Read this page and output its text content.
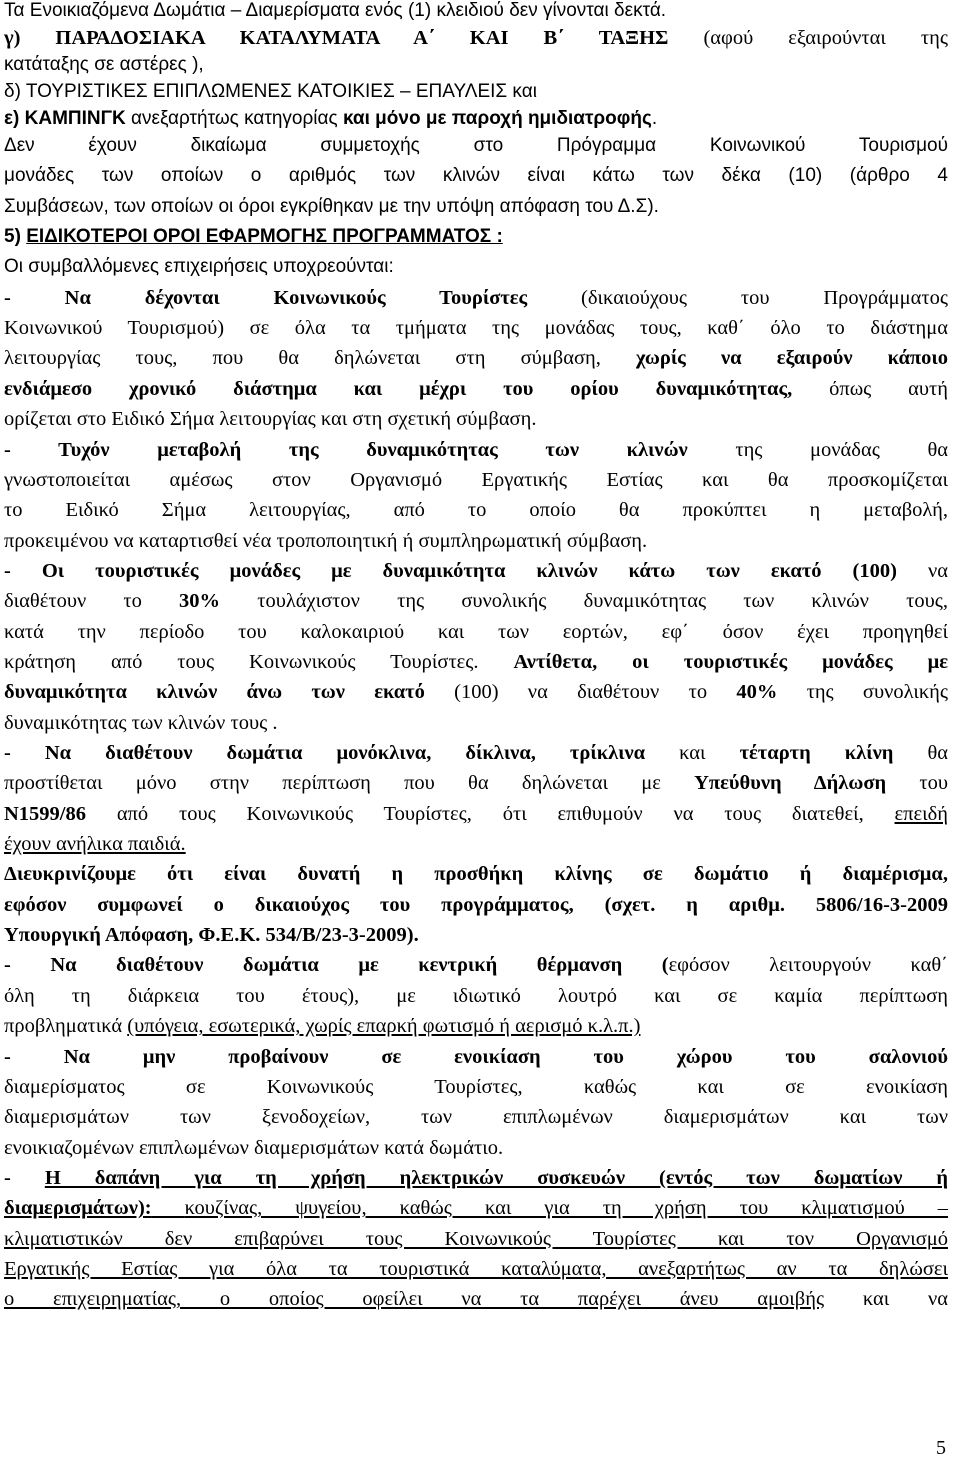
Τα Ενοικιαζόμενα Δωμάτια – Διαμερίσματα ενός (1) κλειδιού δεν γίνονται δεκτά.
γ) ΠΑΡΑΔΟΣΙΑΚΑ ΚΑΤΑΛΥΜΑΤΑ Α΄ ΚΑΙ Β΄ ΤΑΞΗΣ (αφού εξαιρούνται της
κατάταξης σε αστέρες ),
δ) ΤΟΥΡΙΣΤΙΚΕΣ ΕΠΙΠΛΩΜΕΝΕΣ ΚΑΤΟΙΚΙΕΣ – ΕΠΑΥΛΕΙΣ και
ε) ΚΑΜΠΙΝΓΚ ανεξαρτήτως κατηγορίας και μόνο με παροχή ημιδιατροφής.
Δεν έχουν δικαίωμα συμμετοχής στο Πρόγραμμα Κοινωνικού Τουρισμού
μονάδες των οποίων ο αριθμός των κλινών είναι κάτω των δέκα (10) (άρθρο 4
Συμβάσεων, των οποίων οι όροι εγκρίθηκαν με την υπόψη απόφαση του Δ.Σ).
5) ΕΙΔΙΚΟΤΕΡΟΙ ΟΡΟΙ ΕΦΑΡΜΟΓΗΣ ΠΡΟΓΡΑΜΜΑΤΟΣ :
Οι συμβαλλόμενες επιχειρήσεις υποχρεούνται:
- Να δέχονται Κοινωνικούς Τουρίστες (δικαιούχους του Προγράμματος
Κοινωνικού Τουρισμού) σε όλα τα τμήματα της μονάδας τους, καθ΄ όλο το διάστημα
λειτουργίας τους, που θα δηλώνεται στη σύμβαση, χωρίς να εξαιρούν κάποιο
ενδιάμεσο χρονικό διάστημα και μέχρι του ορίου δυναμικότητας, όπως αυτή
ορίζεται στο Ειδικό Σήμα λειτουργίας και στη σχετική σύμβαση.
- Τυχόν μεταβολή της δυναμικότητας των κλινών της μονάδας θα
γνωστοποιείται αμέσως στον Οργανισμό Εργατικής Εστίας και θα προσκομίζεται
το Ειδικό Σήμα λειτουργίας, από το οποίο θα προκύπτει η μεταβολή,
προκειμένου να καταρτισθεί νέα τροποποιητική ή συμπληρωματική σύμβαση.
- Οι τουριστικές μονάδες με δυναμικότητα κλινών κάτω των εκατό (100) να
διαθέτουν το 30% τουλάχιστον της συνολικής δυναμικότητας των κλινών τους,
κατά την περίοδο του καλοκαιριού και των εορτών, εφ΄ όσον έχει προηγηθεί
κράτηση από τους Κοινωνικούς Τουρίστες. Αντίθετα, οι τουριστικές μονάδες με
δυναμικότητα κλινών άνω των εκατό (100) να διαθέτουν το 40% της συνολικής
δυναμικότητας των κλινών τους .
- Να διαθέτουν δωμάτια μονόκλινα, δίκλινα, τρίκλινα και τέταρτη κλίνη θα
προστίθεται μόνο στην περίπτωση που θα δηλώνεται με Υπεύθυνη Δήλωση του
Ν1599/86 από τους Κοινωνικούς Τουρίστες, ότι επιθυμούν να τους διατεθεί, επειδή
έχουν ανήλικα παιδιά.
Διευκρινίζουμε ότι είναι δυνατή η προσθήκη κλίνης σε δωμάτιο ή διαμέρισμα,
εφόσον συμφωνεί ο δικαιούχος του προγράμματος, (σχετ. η αριθμ. 5806/16-3-2009
Υπουργική Απόφαση, Φ.Ε.Κ. 534/Β/23-3-2009).
- Να διαθέτουν δωμάτια με κεντρική θέρμανση (εφόσον λειτουργούν καθ΄
όλη τη διάρκεια του έτους), με ιδιωτικό λουτρό και σε καμία περίπτωση
προβληματικά (υπόγεια, εσωτερικά, χωρίς επαρκή φωτισμό ή αερισμό κ.λ.π.)
- Να μην προβαίνουν σε ενοικίαση του χώρου του σαλονιού
διαμερίσματος σε Κοινωνικούς Τουρίστες, καθώς και σε ενοικίαση
διαμερισμάτων των ξενοδοχείων, των επιπλωμένων διαμερισμάτων και των
ενοικιαζομένων επιπλωμένων διαμερισμάτων κατά δωμάτιο.
- Η δαπάνη για τη χρήση ηλεκτρικών συσκευών (εντός των δωματίων ή
διαμερισμάτων): κουζίνας, ψυγείου, καθώς και για τη χρήση του κλιματισμού –
κλιματιστικών δεν επιβαρύνει τους Κοινωνικούς Τουρίστες και τον Οργανισμό
Εργατικής Εστίας για όλα τα τουριστικά καταλύματα, ανεξαρτήτως αν τα δηλώσει
ο επιχειρηματίας, ο οποίος οφείλει να τα παρέχει άνευ αμοιβής και να
5
